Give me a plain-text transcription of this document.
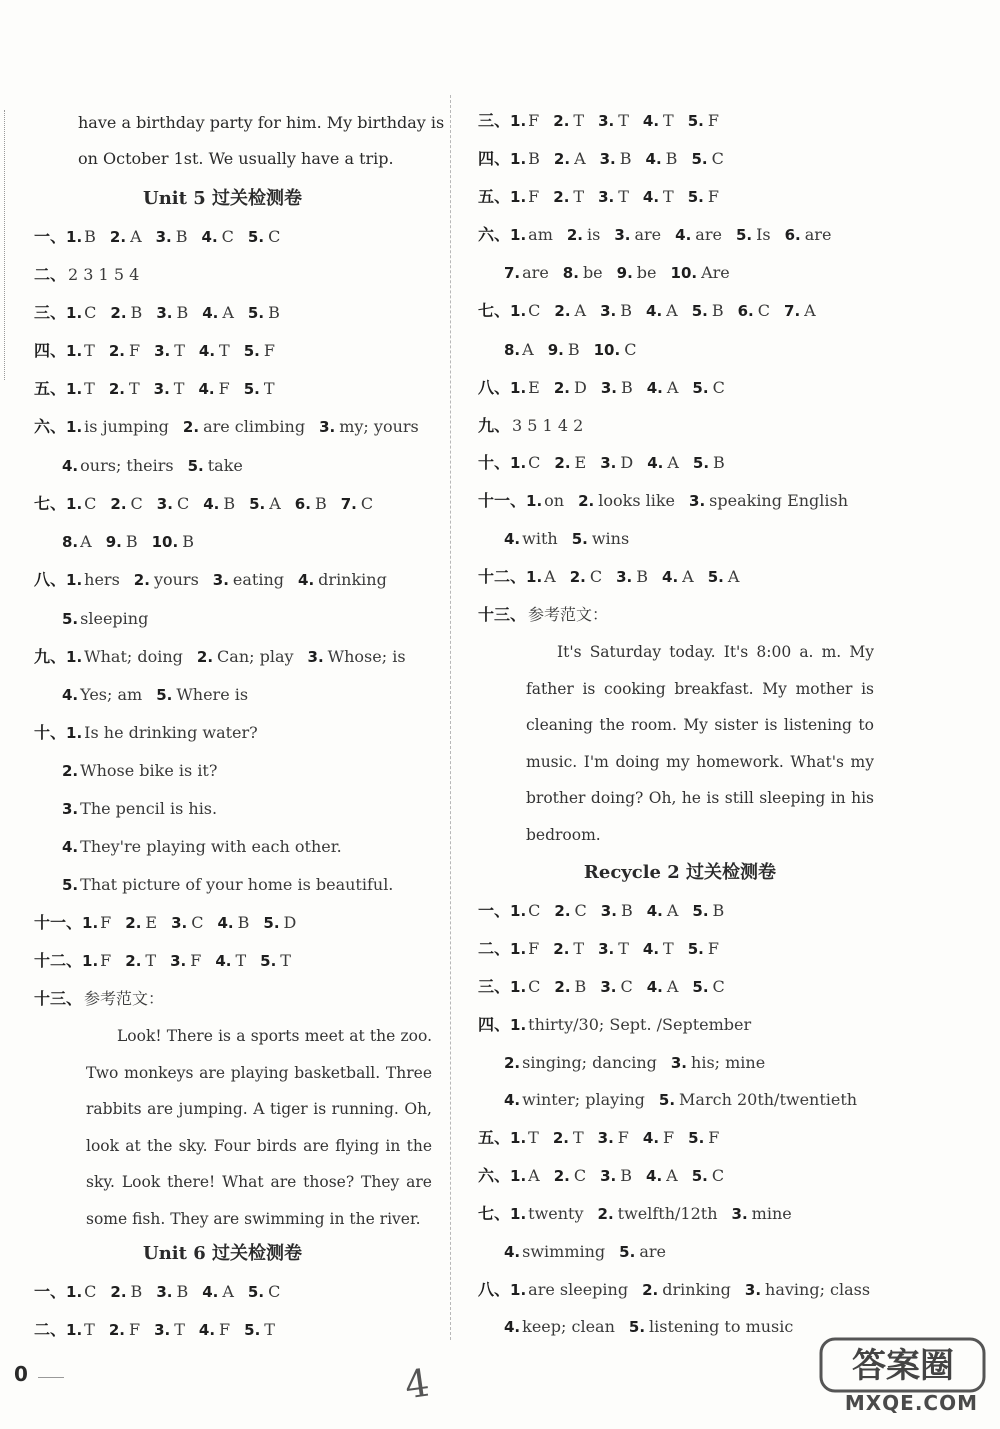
have a birthday party for him. My birthday is
on October 1st. We usually have a trip.
Unit 5 过关检测卷
一、1. B 2. A 3. B 4. C 5. C
二、 2 3 1 5 4
三、1. C 2. B 3. B 4. A 5. B
四、1. T 2. F 3. T 4. T 5. F
五、1. T 2. T 3. T 4. F 5. T
六、1. is jumping 2. are climbing 3. my; yours
4. ours; theirs 5. take
七、1. C 2. C 3. C 4. B 5. A 6. B 7. C
8. A 9. B 10. B
八、1. hers 2. yours 3. eating 4. drinking
5. sleeping
九、1. What; doing 2. Can; play 3. Whose; is
4. Yes; am 5. Where is
十、1. Is he drinking water?
2. Whose bike is it?
3. The pencil is his.
4. They're playing with each other.
5. That picture of your home is beautiful.
十一、1. F 2. E 3. C 4. B 5. D
十二、1. F 2. T 3. F 4. T 5. T
十三、 参考范文：
Look! There is a sports meet at the zoo. Two monkeys are playing basketball. Three rabbits are jumping. A tiger is running. Oh, look at the sky. Four birds are flying in the sky. Look there! What are those? They are some fish. They are swimming in the river.
Unit 6 过关检测卷
一、1. C 2. B 3. B 4. A 5. C
二、1. T 2. F 3. T 4. F 5. T
三、1. F 2. T 3. T 4. T 5. F
四、1. B 2. A 3. B 4. B 5. C
五、1. F 2. T 3. T 4. T 5. F
六、1. am 2. is 3. are 4. are 5. Is 6. are
7. are 8. be 9. be 10. Are
七、1. C 2. A 3. B 4. A 5. B 6. C 7. A
8. A 9. B 10. C
八、1. E 2. D 3. B 4. A 5. C
九、 3 5 1 4 2
十、1. C 2. E 3. D 4. A 5. B
十一、1. on 2. looks like 3. speaking English
4. with 5. wins
十二、1. A 2. C 3. B 4. A 5. A
十三、 参考范文：
It's Saturday today. It's 8:00 a. m. My father is cooking breakfast. My mother is cleaning the room. My sister is listening to music. I'm doing my homework. What's my brother doing? Oh, he is still sleeping in his bedroom.
Recycle 2 过关检测卷
一、1. C 2. C 3. B 4. A 5. B
二、1. F 2. T 3. T 4. T 5. F
三、1. C 2. B 3. C 4. A 5. C
四、1. thirty/30; Sept. /September
2. singing; dancing 3. his; mine
4. winter; playing 5. March 20th/twentieth
五、1. T 2. T 3. F 4. F 5. F
六、1. A 2. C 3. B 4. A 5. C
七、1. twenty 2. twelfth/12th 3. mine
4. swimming 5. are
八、1. are sleeping 2. drinking 3. having; class
4. keep; clean 5. listening to music
0	4	答案圈
MXQE.COM
